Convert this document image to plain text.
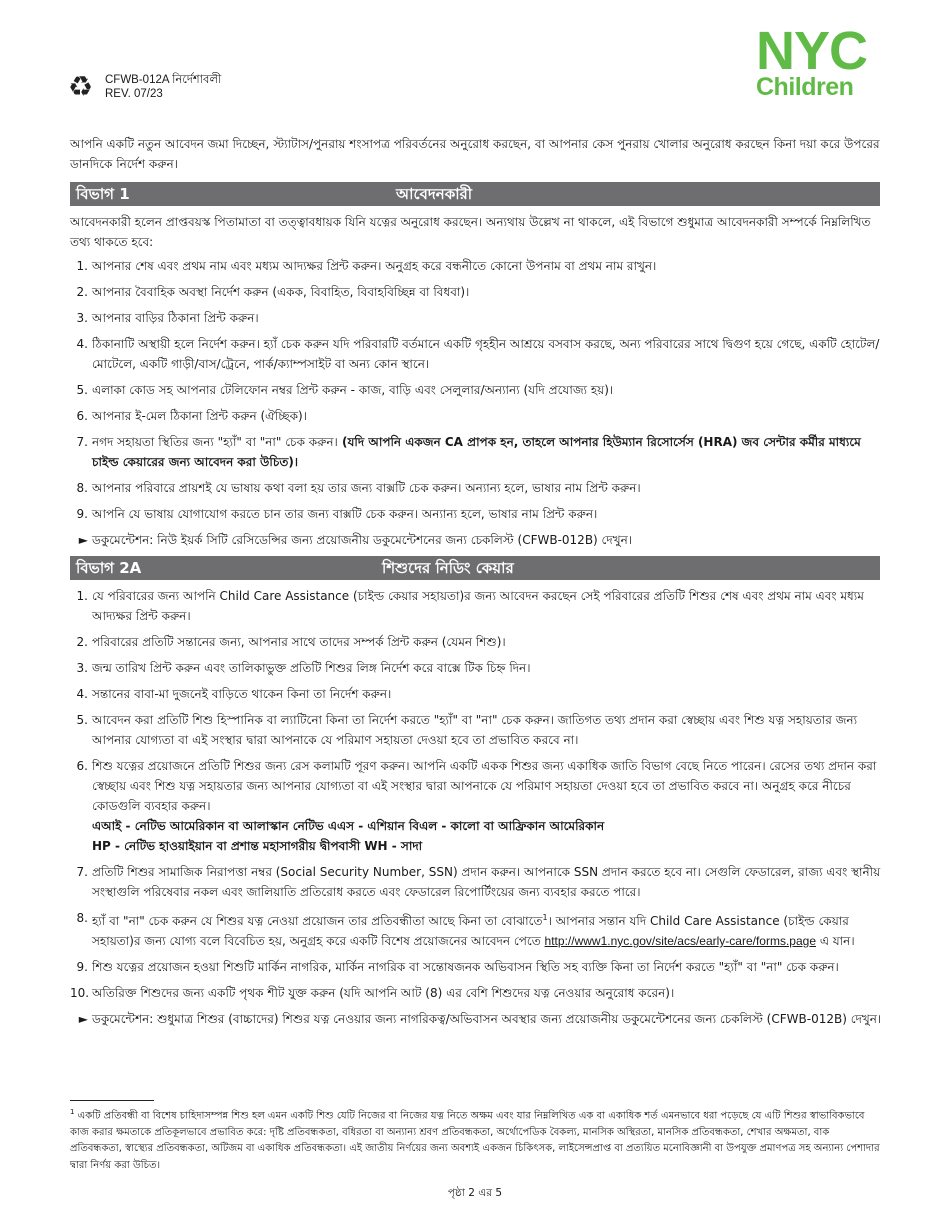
♻	CFWB-012A নির্দেশাবলী
REV. 07/23
NYC
Children

আপনি একটি নতুন আবেদন জমা দিচ্ছেন, স্ট্যাটাস/পুনরায় শংসাপত্র পরিবর্তনের অনুরোধ করছেন, বা আপনার কেস পুনরায় খোলার অনুরোধ করছেন কিনা দয়া করে উপরের ডানদিকে নির্দেশ করুন।

বিভাগ 1	আবেদনকারী

আবেদনকারী হলেন প্রাপ্তবয়স্ক পিতামাতা বা তত্ত্বাবধায়ক যিনি যত্নের অনুরোধ করছেন। অন্যথায় উল্লেখ না থাকলে, এই বিভাগে শুধুমাত্র আবেদনকারী সম্পর্কে নিম্নলিখিত তথ্য থাকতে হবে:

1. আপনার শেষ এবং প্রথম নাম এবং মধ্যম আদ্যক্ষর প্রিন্ট করুন। অনুগ্রহ করে বন্ধনীতে কোনো উপনাম বা প্রথম নাম রাখুন।
2. আপনার বৈবাহিক অবস্থা নির্দেশ করুন (একক, বিবাহিত, বিবাহবিচ্ছিন্ন বা বিধবা)।
3. আপনার বাড়ির ঠিকানা প্রিন্ট করুন।
4. ঠিকানাটি অস্থায়ী হলে নির্দেশ করুন। হ্যাঁ চেক করুন যদি পরিবারটি বর্তমানে একটি গৃহহীন আশ্রয়ে বসবাস করছে, অন্য পরিবারের সাথে দ্বিগুণ হয়ে গেছে, একটি হোটেল/মোটেলে, একটি গাড়ী/বাস/ট্রেনে, পার্ক/ক্যাম্পসাইট বা অন্য কোন স্থানে।
5. এলাকা কোড সহ আপনার টেলিফোন নম্বর প্রিন্ট করুন - কাজ, বাড়ি এবং সেলুলার/অন্যান্য (যদি প্রযোজ্য হয়)।
6. আপনার ই-মেল ঠিকানা প্রিন্ট করুন (ঐচ্ছিক)।
7. নগদ সহায়তা স্থিতির জন্য "হ্যাঁ" বা "না" চেক করুন। (যদি আপনি একজন CA প্রাপক হন, তাহলে আপনার হিউম্যান রিসোর্সেস (HRA) জব সেন্টার কর্মীর মাধ্যমে চাইল্ড কেয়ারের জন্য আবেদন করা উচিত)।
8. আপনার পরিবারে প্রায়শই যে ভাষায় কথা বলা হয় তার জন্য বাক্সটি চেক করুন। অন্যান্য হলে, ভাষার নাম প্রিন্ট করুন।
9. আপনি যে ভাষায় যোগাযোগ করতে চান তার জন্য বাক্সটি চেক করুন। অন্যান্য হলে, ভাষার নাম প্রিন্ট করুন।
► ডকুমেন্টেশন: নিউ ইয়র্ক সিটি রেসিডেন্সির জন্য প্রয়োজনীয় ডকুমেন্টেশনের জন্য চেকলিস্ট (CFWB-012B) দেখুন।
বিভাগ 2A	শিশুদের নিডিং কেয়ার
1. যে পরিবারের জন্য আপনি Child Care Assistance (চাইল্ড কেয়ার সহায়তা)র জন্য আবেদন করছেন সেই পরিবারের প্রতিটি শিশুর শেষ এবং প্রথম নাম এবং মধ্যম আদ্যক্ষর প্রিন্ট করুন।
2. পরিবারের প্রতিটি সন্তানের জন্য, আপনার সাথে তাদের সম্পর্ক প্রিন্ট করুন (যেমন শিশু)।
3. জন্ম তারিখ প্রিন্ট করুন এবং তালিকাভুক্ত প্রতিটি শিশুর লিঙ্গ নির্দেশ করে বাক্সে টিক চিহ্ন দিন।
4. সন্তানের বাবা-মা দুজনেই বাড়িতে থাকেন কিনা তা নির্দেশ করুন।
5. আবেদন করা প্রতিটি শিশু হিস্পানিক বা ল্যাটিনো কিনা তা নির্দেশ করতে "হ্যাঁ" বা "না" চেক করুন। জাতিগত তথ্য প্রদান করা স্বেচ্ছায় এবং শিশু যত্ন সহায়তার জন্য আপনার যোগ্যতা বা এই সংস্থার দ্বারা আপনাকে যে পরিমাণ সহায়তা দেওয়া হবে তা প্রভাবিত করবে না।
6. শিশু যত্নের প্রয়োজনে প্রতিটি শিশুর জন্য রেস কলামটি পূরণ করুন। আপনি একটি একক শিশুর জন্য একাধিক জাতি বিভাগ বেছে নিতে পারেন। রেসের তথ্য প্রদান করা স্বেচ্ছায় এবং শিশু যত্ন সহায়তার জন্য আপনার যোগ্যতা বা এই সংস্থার দ্বারা আপনাকে যে পরিমাণ সহায়তা দেওয়া হবে তা প্রভাবিত করবে না। অনুগ্রহ করে নীচের কোডগুলি ব্যবহার করুন।
এআই - নেটিভ আমেরিকান বা আলাস্কান নেটিভ এএস - এশিয়ান বিএল - কালো বা আফ্রিকান আমেরিকান
HP - নেটিভ হাওয়াইয়ান বা প্রশান্ত মহাসাগরীয় দ্বীপবাসী WH - সাদা
7. প্রতিটি শিশুর সামাজিক নিরাপত্তা নম্বর (Social Security Number, SSN) প্রদান করুন। আপনাকে SSN প্রদান করতে হবে না। সেগুলি ফেডারেল, রাজ্য এবং স্থানীয় সংস্থাগুলি পরিষেবার নকল এবং জালিয়াতি প্রতিরোধ করতে এবং ফেডারেল রিপোর্টিংয়ের জন্য ব্যবহার করতে পারে।
8. হ্যাঁ বা "না" চেক করুন যে শিশুর যত্ন নেওয়া প্রয়োজন তার প্রতিবন্ধীতা আছে কিনা তা বোঝাতে$^1$। আপনার সন্তান যদি Child Care Assistance (চাইল্ড কেয়ার সহায়তা)র জন্য যোগ্য বলে বিবেচিত হয়, অনুগ্রহ করে একটি বিশেষ প্রয়োজনের আবেদন পেতে http://www1.nyc.gov/site/acs/early-care/forms.page এ যান।
9. শিশু যত্নের প্রয়োজন হওয়া শিশুটি মার্কিন নাগরিক, মার্কিন নাগরিক বা সন্তোষজনক অভিবাসন স্থিতি সহ ব্যক্তি কিনা তা নির্দেশ করতে "হ্যাঁ" বা "না" চেক করুন।
10. অতিরিক্ত শিশুদের জন্য একটি পৃথক শীট যুক্ত করুন (যদি আপনি আট (8) এর বেশি শিশুদের যত্ন নেওয়ার অনুরোধ করেন)।
► ডকুমেন্টেশন: শুধুমাত্র শিশুর (বাচ্চাদের) শিশুর যত্ন নেওয়ার জন্য নাগরিকত্ব/অভিবাসন অবস্থার জন্য প্রয়োজনীয় ডকুমেন্টেশনের জন্য চেকলিস্ট (CFWB-012B) দেখুন।
$^1$ একটি প্রতিবন্ধী বা বিশেষ চাহিদাসম্পন্ন শিশু হল এমন একটি শিশু যেটি নিজের বা নিজের যত্ন নিতে অক্ষম এবং যার নিম্নলিখিত এক বা একাধিক শর্ত এমনভাবে ধরা পড়েছে যে এটি শিশুর স্বাভাবিকভাবে কাজ করার ক্ষমতাকে প্রতিকূলভাবে প্রভাবিত করে: দৃষ্টি প্রতিবন্ধকতা, বধিরতা বা অন্যান্য শ্রবণ প্রতিবন্ধকতা, অর্থোপেডিক বৈকল্য, মানসিক অস্থিরতা, মানসিক প্রতিবন্ধকতা, শেখার অক্ষমতা, বাক প্রতিবন্ধকতা, স্বাস্থ্যের প্রতিবন্ধকতা, অটিজম বা একাধিক প্রতিবন্ধকতা। এই জাতীয় নির্ণয়ের জন্য অবশ্যই একজন চিকিৎসক, লাইসেন্সপ্রাপ্ত বা প্রত্যয়িত মনোবিজ্ঞানী বা উপযুক্ত প্রমাণপত্র সহ অন্যান্য পেশাদার দ্বারা নির্ণয় করা উচিত।
পৃষ্ঠা 2 এর 5
